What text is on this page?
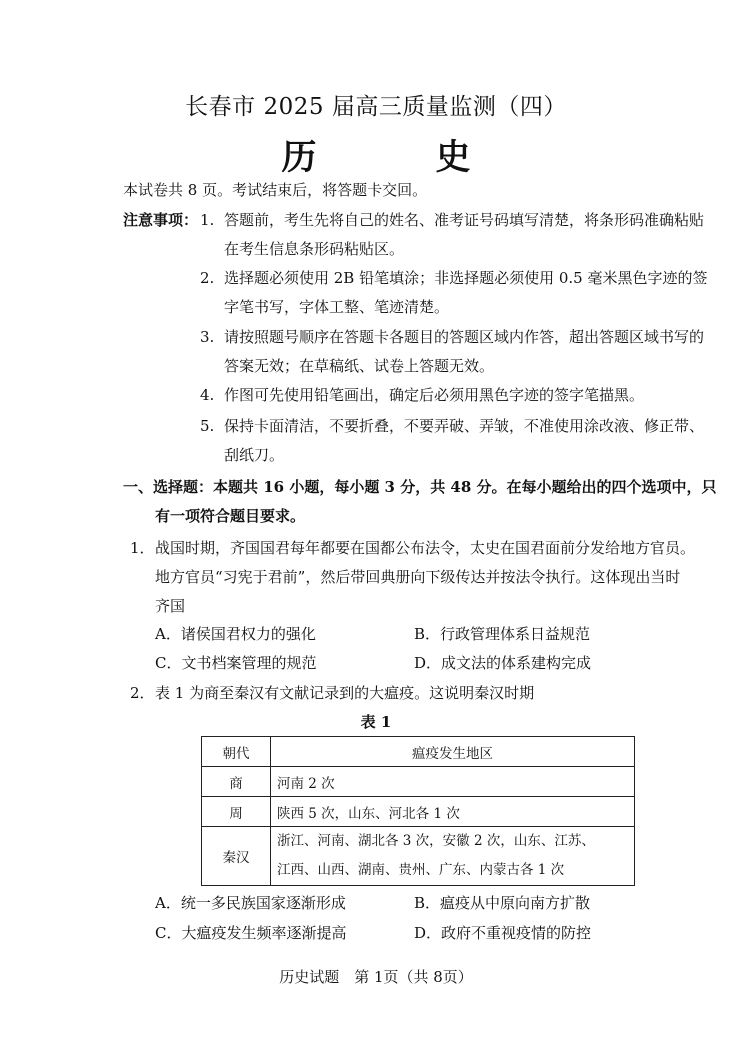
长春市 2025 届高三质量监测（四）
历　史
本试卷共 8 页。考试结束后，将答题卡交回。
注意事项： 1. 答题前，考生先将自己的姓名、准考证号码填写清楚，将条形码准确粘贴
在考生信息条形码粘贴区。
2. 选择题必须使用 2B 铅笔填涂；非选择题必须使用 0.5 毫米黑色字迹的签
字笔书写，字体工整、笔迹清楚。
3. 请按照题号顺序在答题卡各题目的答题区域内作答，超出答题区域书写的
答案无效；在草稿纸、试卷上答题无效。
4. 作图可先使用铅笔画出，确定后必须用黑色字迹的签字笔描黑。
5. 保持卡面清洁，不要折叠，不要弄破、弄皱，不准使用涂改液、修正带、
刮纸刀。
一、选择题：本题共 16 小题，每小题 3 分，共 48 分。在每小题给出的四个选项中，只
有一项符合题目要求。
1． 战国时期，齐国国君每年都要在国都公布法令，太史在国君面前分发给地方官员。
地方官员“习宪于君前”，然后带回典册向下级传达并按法令执行。这体现出当时
齐国
A．诸侯国君权力的强化	B．行政管理体系日益规范
C．文书档案管理的规范	D．成文法的体系建构完成
2． 表 1 为商至秦汉有文献记录到的大瘟疫。这说明秦汉时期
表 1
朝代	瘟疫发生地区
商	河南 2 次
周	陕西 5 次，山东、河北各 1 次
秦汉	浙江、河南、湖北各 3 次，安徽 2 次，山东、江苏、
江西、山西、湖南、贵州、广东、内蒙古各 1 次
A．统一多民族国家逐渐形成	B．瘟疫从中原向南方扩散
C．大瘟疫发生频率逐渐提高	D．政府不重视疫情的防控
历史试题　第 1页（共 8页）
